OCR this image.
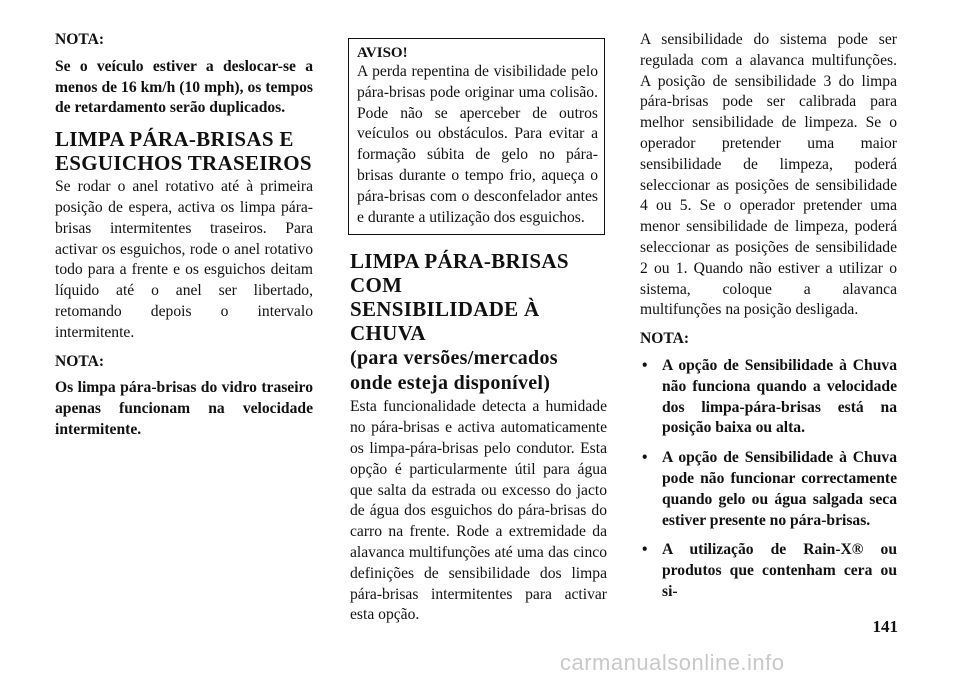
NOTA:

Se o veículo estiver a deslocar-se a menos de 16 km/h (10 mph), os tempos de retardamento serão duplicados.

LIMPA PÁRA-BRISAS E
ESGUICHOS TRASEIROS

Se rodar o anel rotativo até à primeira posição de espera, activa os limpa pára-brisas intermitentes traseiros. Para activar os esguichos, rode o anel rotativo todo para a frente e os esguichos deitam líquido até o anel ser libertado, retomando depois o intervalo intermitente.

NOTA:

Os limpa pára-brisas do vidro traseiro apenas funcionam na velocidade intermitente.

AVISO!

A perda repentina de visibilidade pelo pára-brisas pode originar uma colisão. Pode não se aperceber de outros veículos ou obstáculos. Para evitar a formação súbita de gelo no pára-brisas durante o tempo frio, aqueça o pára-brisas com o desconfelador antes e durante a utilização dos esguichos.

LIMPA PÁRA-BRISAS COM
SENSIBILIDADE À CHUVA
(para versões/mercados
onde esteja disponível)

Esta funcionalidade detecta a humidade no pára-brisas e activa automaticamente os limpa-pára-brisas pelo condutor. Esta opção é particularmente útil para água que salta da estrada ou excesso do jacto de água dos esguichos do pára-brisas do carro na frente. Rode a extremidade da alavanca multifunções até uma das cinco definições de sensibilidade dos limpa pára-brisas intermitentes para activar esta opção.

A sensibilidade do sistema pode ser regulada com a alavanca multifunções. A posição de sensibilidade 3 do limpa pára-brisas pode ser calibrada para melhor sensibilidade de limpeza. Se o operador pretender uma maior sensibilidade de limpeza, poderá seleccionar as posições de sensibilidade 4 ou 5. Se o operador pretender uma menor sensibilidade de limpeza, poderá seleccionar as posições de sensibilidade 2 ou 1. Quando não estiver a utilizar o sistema, coloque a alavanca multifunções na posição desligada.

NOTA:

• A opção de Sensibilidade à Chuva não funciona quando a velocidade dos limpa-pára-brisas está na posição baixa ou alta.
• A opção de Sensibilidade à Chuva pode não funcionar correctamente quando gelo ou água salgada seca estiver presente no pára-brisas.
• A utilização de Rain-X® ou produtos que contenham cera ou si-
141
carmanualsonline.info
